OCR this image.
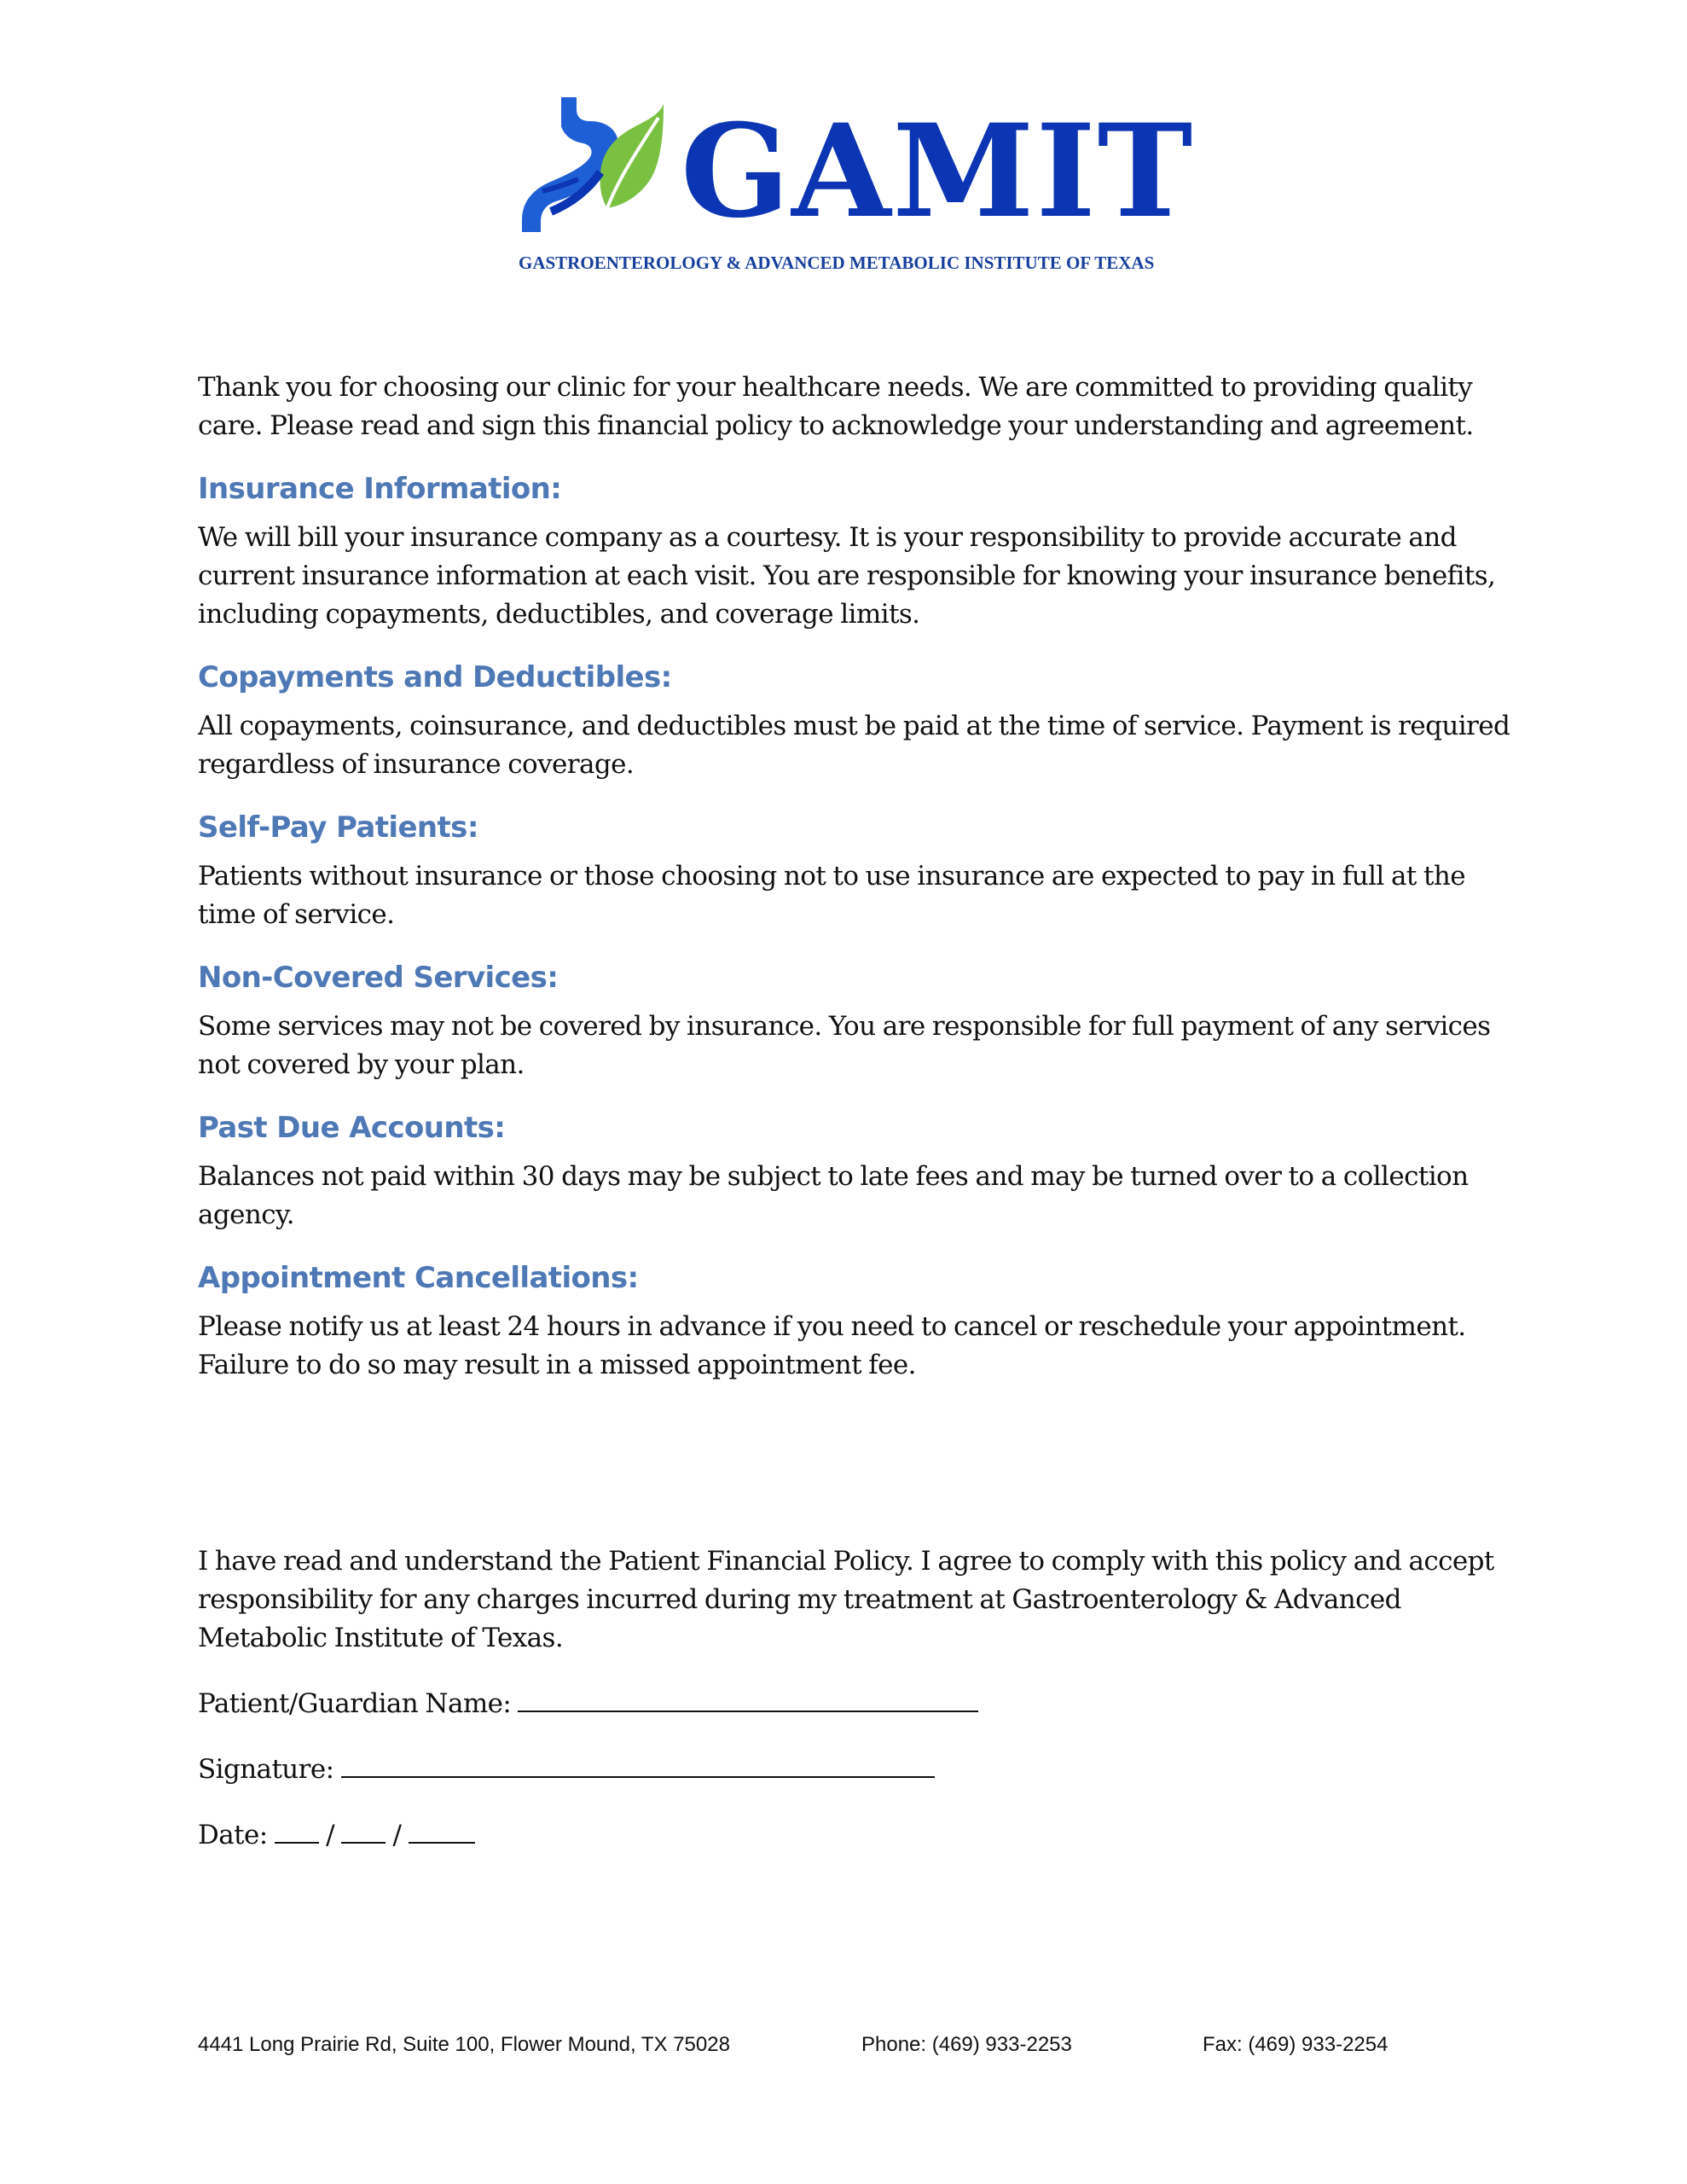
GAMIT
GASTROENTEROLOGY & ADVANCED METABOLIC INSTITUTE OF TEXAS

Thank you for choosing our clinic for your healthcare needs. We are committed to providing quality care. Please read and sign this financial policy to acknowledge your understanding and agreement.

Insurance Information:

We will bill your insurance company as a courtesy. It is your responsibility to provide accurate and current insurance information at each visit. You are responsible for knowing your insurance benefits, including copayments, deductibles, and coverage limits.

Copayments and Deductibles:

All copayments, coinsurance, and deductibles must be paid at the time of service. Payment is required regardless of insurance coverage.

Self-Pay Patients:

Patients without insurance or those choosing not to use insurance are expected to pay in full at the time of service.

Non-Covered Services:

Some services may not be covered by insurance. You are responsible for full payment of any services not covered by your plan.

Past Due Accounts:

Balances not paid within 30 days may be subject to late fees and may be turned over to a collection agency.

Appointment Cancellations:

Please notify us at least 24 hours in advance if you need to cancel or reschedule your appointment. Failure to do so may result in a missed appointment fee.

I have read and understand the Patient Financial Policy. I agree to comply with this policy and accept responsibility for any charges incurred during my treatment at Gastroenterology & Advanced Metabolic Institute of Texas.

Patient/Guardian Name:

Signature:

Date: / /

4441 Long Prairie Rd, Suite 100, Flower Mound, TX 75028	Phone: (469) 933-2253	Fax: (469) 933-2254
